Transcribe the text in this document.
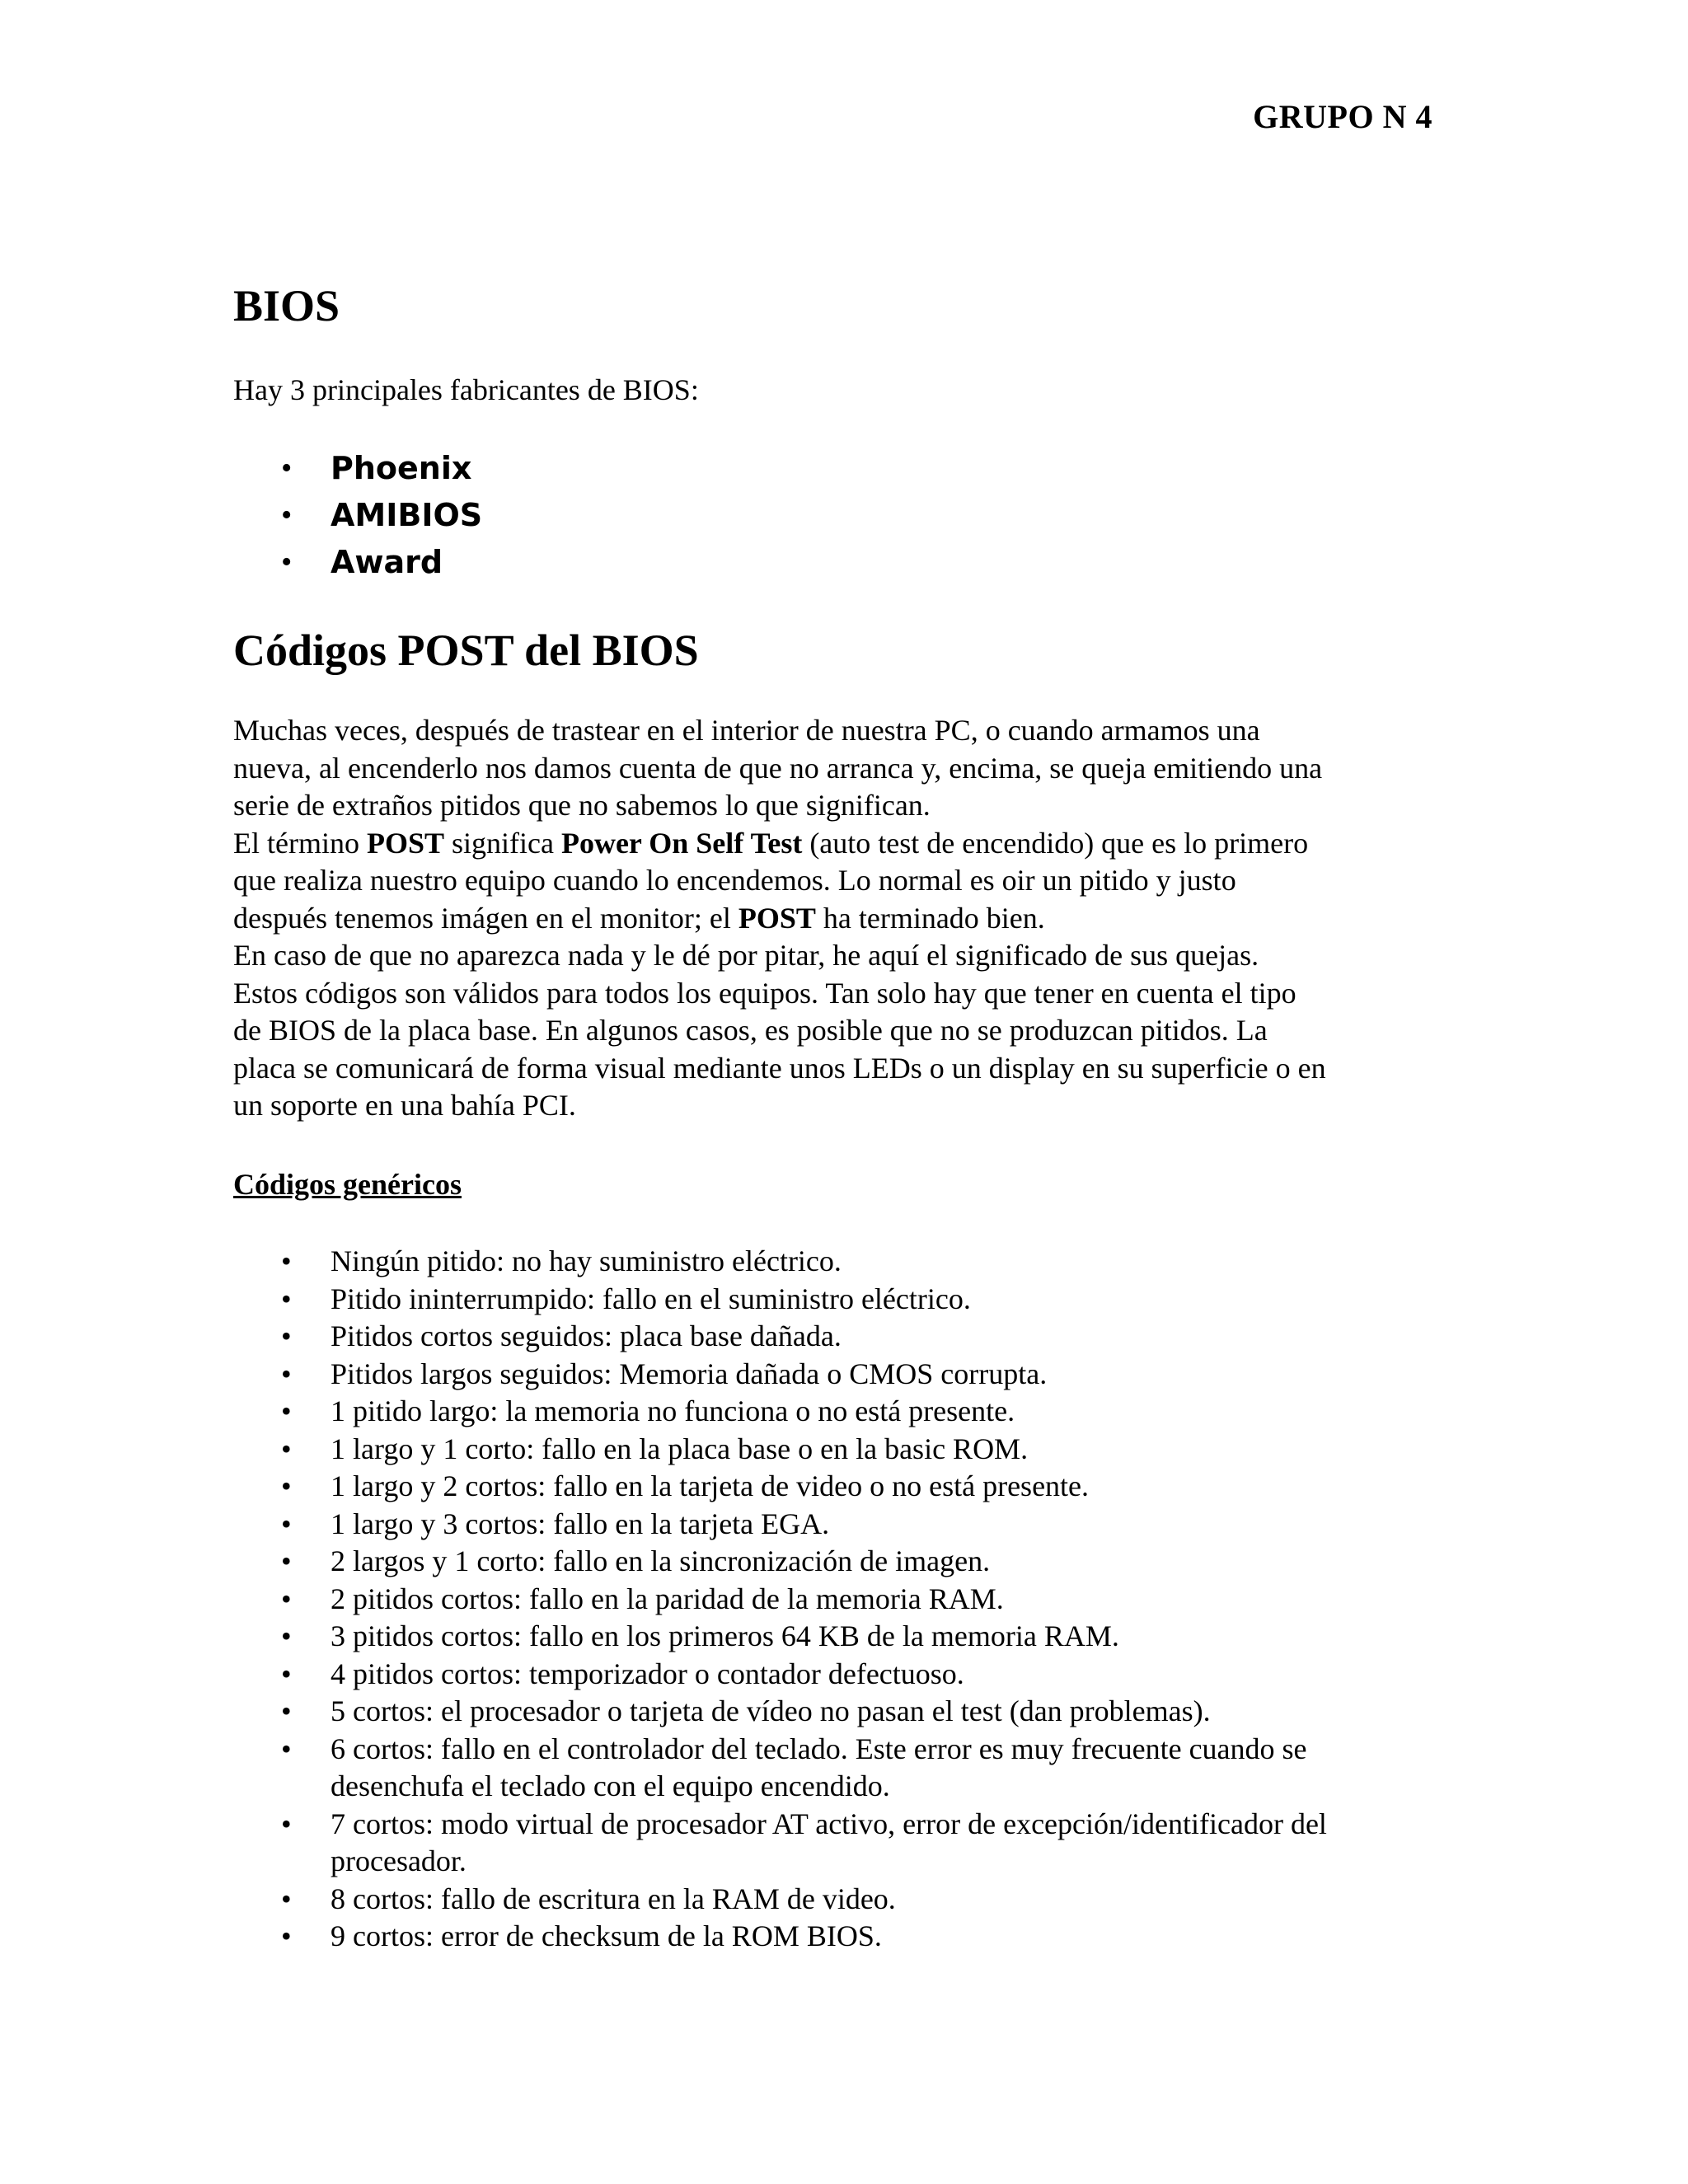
GRUPO N 4
BIOS

Hay 3 principales fabricantes de BIOS:

• Phoenix
• AMIBIOS
• Award
Códigos POST del BIOS

Muchas veces, después de trastear en el interior de nuestra PC, o cuando armamos una

nueva, al encenderlo nos damos cuenta de que no arranca y, encima, se queja emitiendo una

serie de extraños pitidos que no sabemos lo que significan.

El término POST significa Power On Self Test (auto test de encendido) que es lo primero

que realiza nuestro equipo cuando lo encendemos. Lo normal es oir un pitido y justo

después tenemos imágen en el monitor; el POST ha terminado bien.

En caso de que no aparezca nada y le dé por pitar, he aquí el significado de sus quejas.

Estos códigos son válidos para todos los equipos. Tan solo hay que tener en cuenta el tipo

de BIOS de la placa base. En algunos casos, es posible que no se produzcan pitidos. La

placa se comunicará de forma visual mediante unos LEDs o un display en su superficie o en

un soporte en una bahía PCI.

Códigos genéricos
• Ningún pitido: no hay suministro eléctrico.
• Pitido ininterrumpido: fallo en el suministro eléctrico.
• Pitidos cortos seguidos: placa base dañada.
• Pitidos largos seguidos: Memoria dañada o CMOS corrupta.
• 1 pitido largo: la memoria no funciona o no está presente.
• 1 largo y 1 corto: fallo en la placa base o en la basic ROM.
• 1 largo y 2 cortos: fallo en la tarjeta de video o no está presente.
• 1 largo y 3 cortos: fallo en la tarjeta EGA.
• 2 largos y 1 corto: fallo en la sincronización de imagen.
• 2 pitidos cortos: fallo en la paridad de la memoria RAM.
• 3 pitidos cortos: fallo en los primeros 64 KB de la memoria RAM.
• 4 pitidos cortos: temporizador o contador defectuoso.
• 5 cortos: el procesador o tarjeta de vídeo no pasan el test (dan problemas).
• 6 cortos: fallo en el controlador del teclado. Este error es muy frecuente cuando se
desenchufa el teclado con el equipo encendido.
• 7 cortos: modo virtual de procesador AT activo, error de excepción/identificador del
procesador.
• 8 cortos: fallo de escritura en la RAM de video.
• 9 cortos: error de checksum de la ROM BIOS.
